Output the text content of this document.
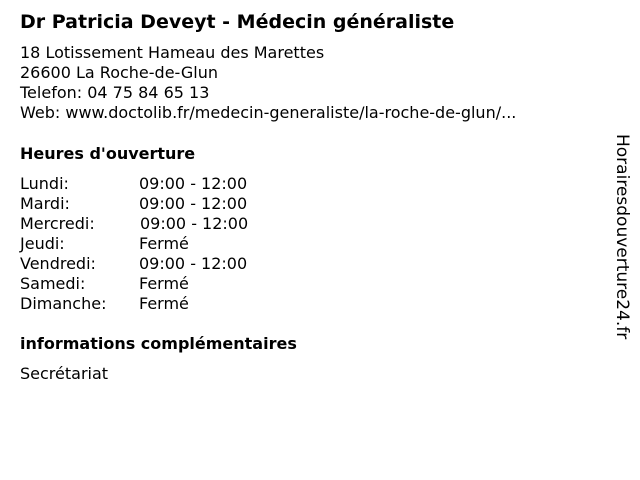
Dr Patricia Deveyt - Médecin généraliste
18 Lotissement Hameau des Marettes
26600 La Roche-de-Glun
Telefon: 04 75 84 65 13
Web: www.doctolib.fr/medecin-generaliste/la-roche-de-glun/...
Heures d'ouverture
Lundi:	09:00 - 12:00
Mardi:	09:00 - 12:00
Mercredi:	09:00 - 12:00
Jeudi:	Fermé
Vendredi:	09:00 - 12:00
Samedi:	Fermé
Dimanche:	Fermé
informations complémentaires
Secrétariat
Horairesdouverture24.fr
